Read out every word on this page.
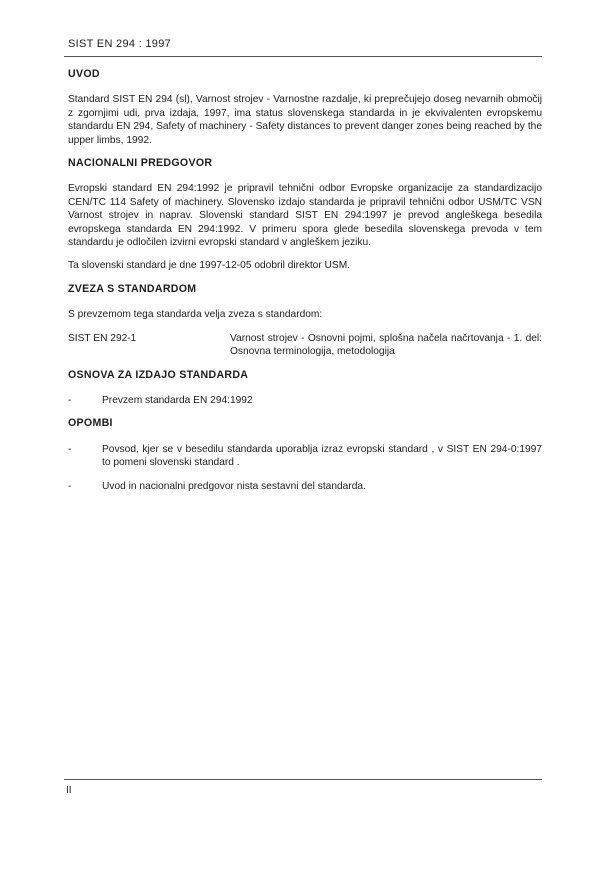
SIST EN 294 : 1997
UVOD

Standard SIST EN 294 (sl), Varnost strojev - Varnostne razdalje, ki preprečujejo doseg nevarnih območij z zgornjimi udi, prva izdaja, 1997, ima status slovenskega standarda in je ekvivalenten evropskemu standardu EN 294, Safety of machinery - Safety distances to prevent danger zones being reached by the upper limbs, 1992.

NACIONALNI PREDGOVOR

Evropski standard EN 294:1992 je pripravil tehnični odbor Evropske organizacije za standardizacijo CEN/TC 114 Safety of machinery. Slovensko izdajo standarda je pripravil tehnični odbor USM/TC VSN Varnost strojev in naprav. Slovenski standard SIST EN 294:1997 je prevod angleškega besedila evropskega standarda EN 294:1992. V primeru spora glede besedila slovenskega prevoda v tem standardu je odločilen izvirni evropski standard v angleškem jeziku.

Ta slovenski standard je dne 1997-12-05 odobril direktor USM.

ZVEZA S STANDARDOM

S prevzemom tega standarda velja zveza s standardom:

SIST EN 292-1	Varnost strojev - Osnovni pojmi, splošna načela načrtovanja - 1. del: Osnovna terminologija, metodologija
OSNOVA ZA IZDAJO STANDARDA
-	Prevzem standarda EN 294:1992
OPOMBI
-	Povsod, kjer se v besedilu standarda uporablja izraz evropski standard , v SIST EN 294-0:1997 to pomeni slovenski standard .
-	Uvod in nacionalni predgovor nista sestavni del standarda.
II
